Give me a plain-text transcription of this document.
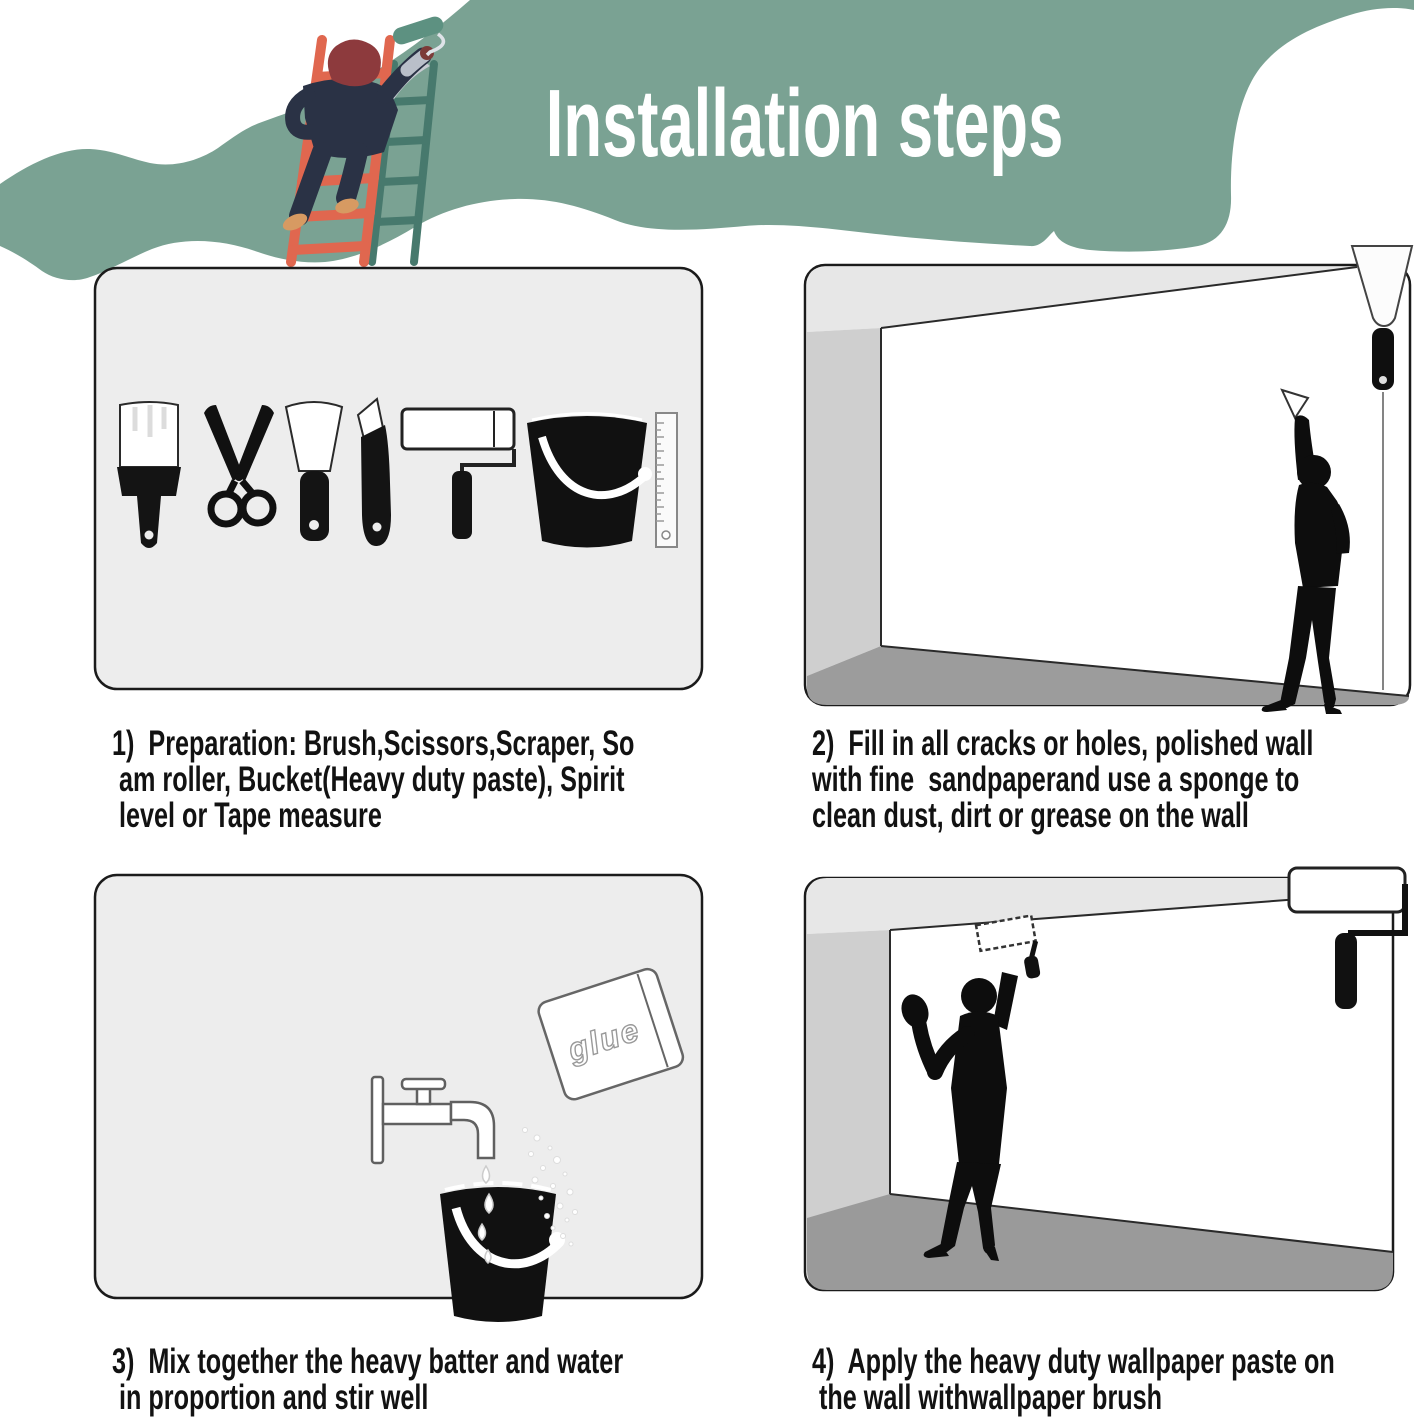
Installation steps
glue
1)  Preparation: Brush,Scissors,Scraper, So
am roller, Bucket(Heavy duty paste), Spirit
level or Tape measure
2)  Fill in all cracks or holes, polished wall
with fine  sandpaperand use a sponge to
clean dust, dirt or grease on the wall
3)  Mix together the heavy batter and water
in proportion and stir well
4)  Apply the heavy duty wallpaper paste on
the wall withwallpaper brush
